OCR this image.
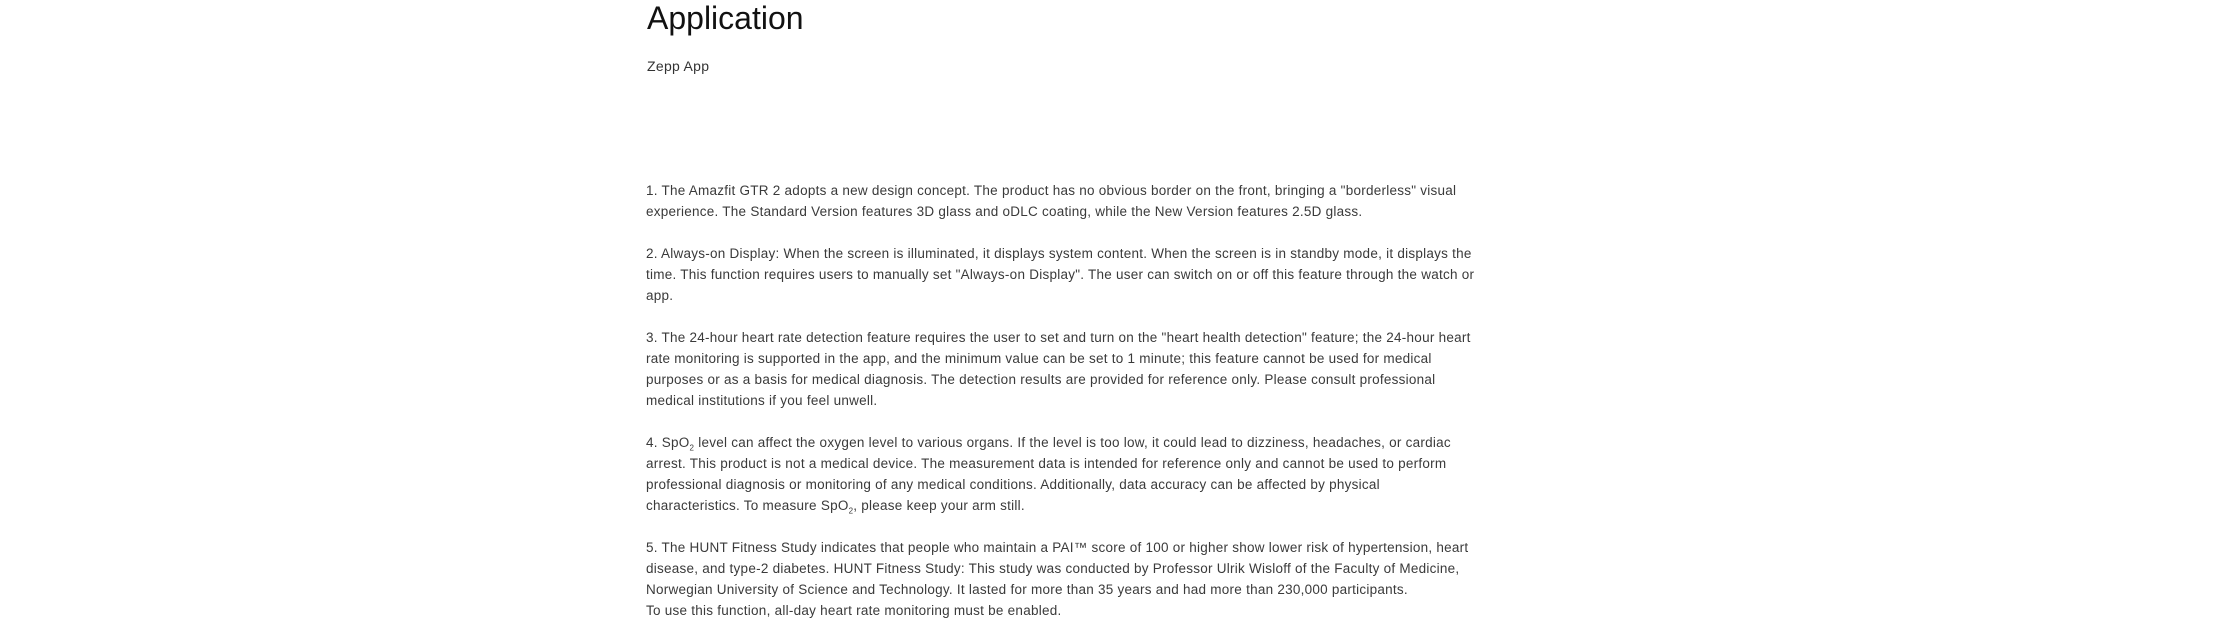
Application
Zepp App

1. The Amazfit GTR 2 adopts a new design concept. The product has no obvious border on the front, bringing a "borderless" visual
experience. The Standard Version features 3D glass and oDLC coating, while the New Version features 2.5D glass.

2. Always-on Display: When the screen is illuminated, it displays system content. When the screen is in standby mode, it displays the
time. This function requires users to manually set "Always-on Display". The user can switch on or off this feature through the watch or
app.

3. The 24-hour heart rate detection feature requires the user to set and turn on the "heart health detection" feature; the 24-hour heart
rate monitoring is supported in the app, and the minimum value can be set to 1 minute; this feature cannot be used for medical
purposes or as a basis for medical diagnosis. The detection results are provided for reference only. Please consult professional
medical institutions if you feel unwell.

4. SpO$_2$ level can affect the oxygen level to various organs. If the level is too low, it could lead to dizziness, headaches, or cardiac
arrest. This product is not a medical device. The measurement data is intended for reference only and cannot be used to perform
professional diagnosis or monitoring of any medical conditions. Additionally, data accuracy can be affected by physical
characteristics. To measure SpO$_2$, please keep your arm still.

5. The HUNT Fitness Study indicates that people who maintain a PAI™ score of 100 or higher show lower risk of hypertension, heart
disease, and type-2 diabetes. HUNT Fitness Study: This study was conducted by Professor Ulrik Wisloff of the Faculty of Medicine,
Norwegian University of Science and Technology. It lasted for more than 35 years and had more than 230,000 participants.
To use this function, all-day heart rate monitoring must be enabled.
